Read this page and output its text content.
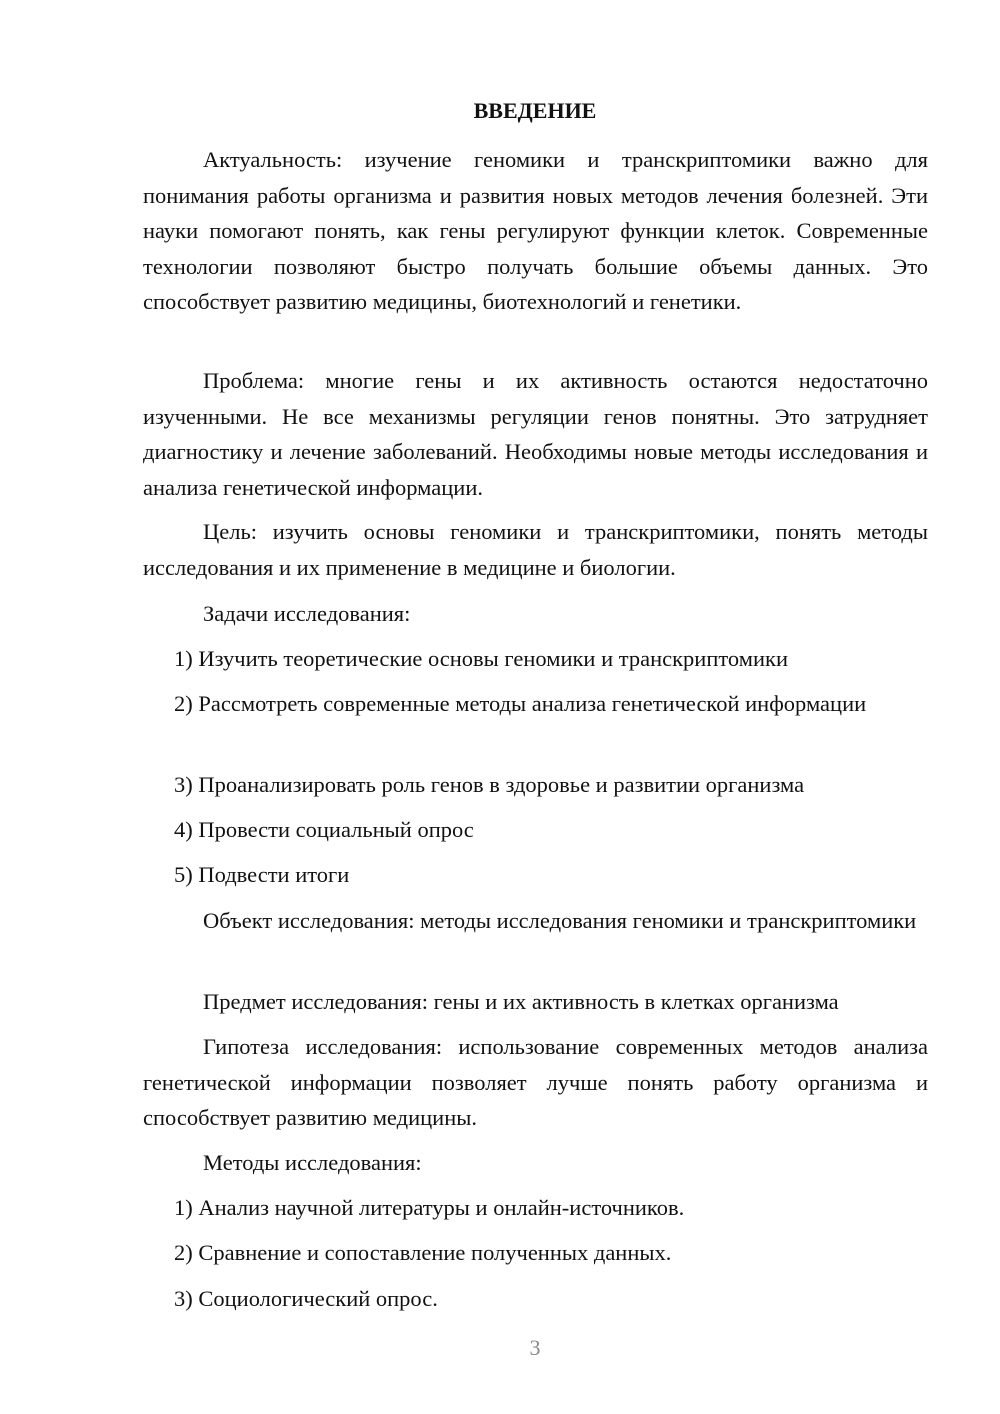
ВВЕДЕНИЕ

Актуальность: изучение геномики и транскриптомики важно для понимания работы организма и развития новых методов лечения болезней. Эти науки помогают понять, как гены регулируют функции клеток. Современные технологии позволяют быстро получать большие объемы данных. Это способствует развитию медицины, биотехнологий и генетики.

Проблема: многие гены и их активность остаются недостаточно изученными. Не все механизмы регуляции генов понятны. Это затрудняет диагностику и лечение заболеваний. Необходимы новые методы исследования и анализа генетической информации.

Цель: изучить основы геномики и транскриптомики, понять методы исследования и их применение в медицине и биологии.

Задачи исследования:

1) Изучить теоретические основы геномики и транскриптомики

2) Рассмотреть современные методы анализа генетической информации

3) Проанализировать роль генов в здоровье и развитии организма

4) Провести социальный опрос

5) Подвести итоги

Объект исследования: методы исследования геномики и транскриптомики

Предмет исследования: гены и их активность в клетках организма

Гипотеза исследования: использование современных методов анализа генетической информации позволяет лучше понять работу организма и способствует развитию медицины.

Методы исследования:

1) Анализ научной литературы и онлайн-источников.

2) Сравнение и сопоставление полученных данных.

3) Социологический опрос.

3
